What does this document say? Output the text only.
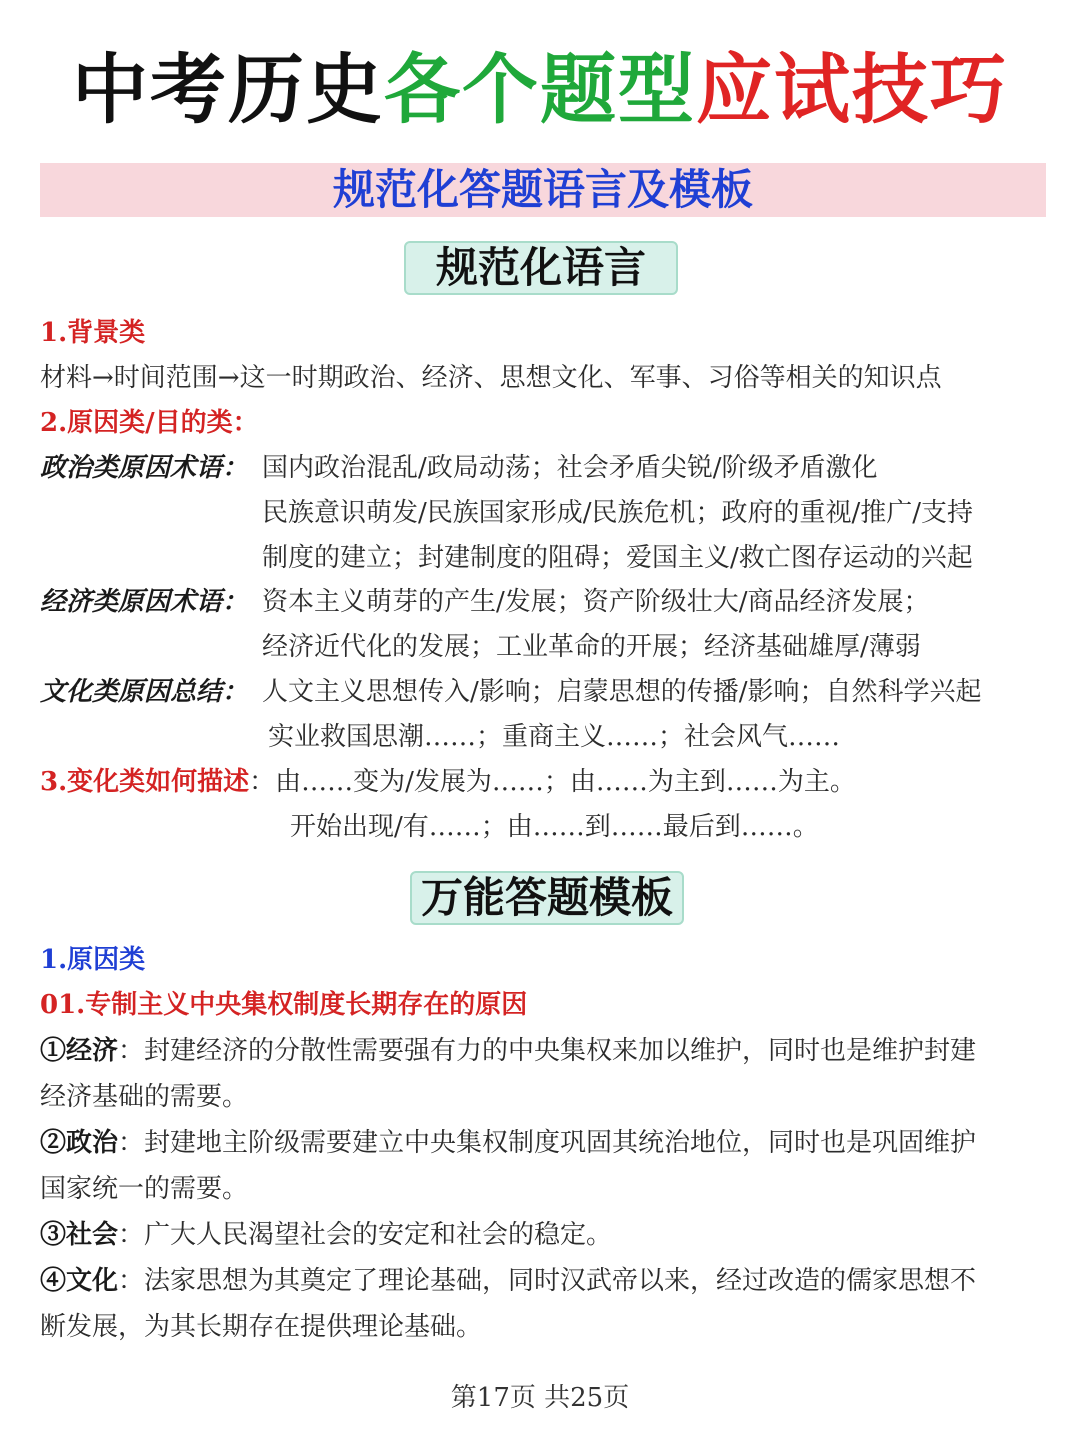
中考历史各个题型应试技巧
规范化答题语言及模板
规范化语言
1.背景类
材料→时间范围→这一时期政治、经济、思想文化、军事、习俗等相关的知识点
2.原因类/目的类：
政治类原因术语： 国内政治混乱/政局动荡；社会矛盾尖锐/阶级矛盾激化
民族意识萌发/民族国家形成/民族危机；政府的重视/推广/支持
制度的建立；封建制度的阻碍；爱国主义/救亡图存运动的兴起
经济类原因术语： 资本主义萌芽的产生/发展；资产阶级壮大/商品经济发展；
经济近代化的发展；工业革命的开展；经济基础雄厚/薄弱
文化类原因总结： 人文主义思想传入/影响；启蒙思想的传播/影响；自然科学兴起
实业救国思潮……；重商主义……；社会风气……
3.变化类如何描述：由……变为/发展为……；由……为主到……为主。
开始出现/有……；由……到……最后到……。
万能答题模板
1.原因类
01.专制主义中央集权制度长期存在的原因
①经济：封建经济的分散性需要强有力的中央集权来加以维护，同时也是维护封建
经济基础的需要。
②政治：封建地主阶级需要建立中央集权制度巩固其统治地位，同时也是巩固维护
国家统一的需要。
③社会：广大人民渴望社会的安定和社会的稳定。
④文化：法家思想为其奠定了理论基础，同时汉武帝以来，经过改造的儒家思想不
断发展，为其长期存在提供理论基础。
第17页 共25页
